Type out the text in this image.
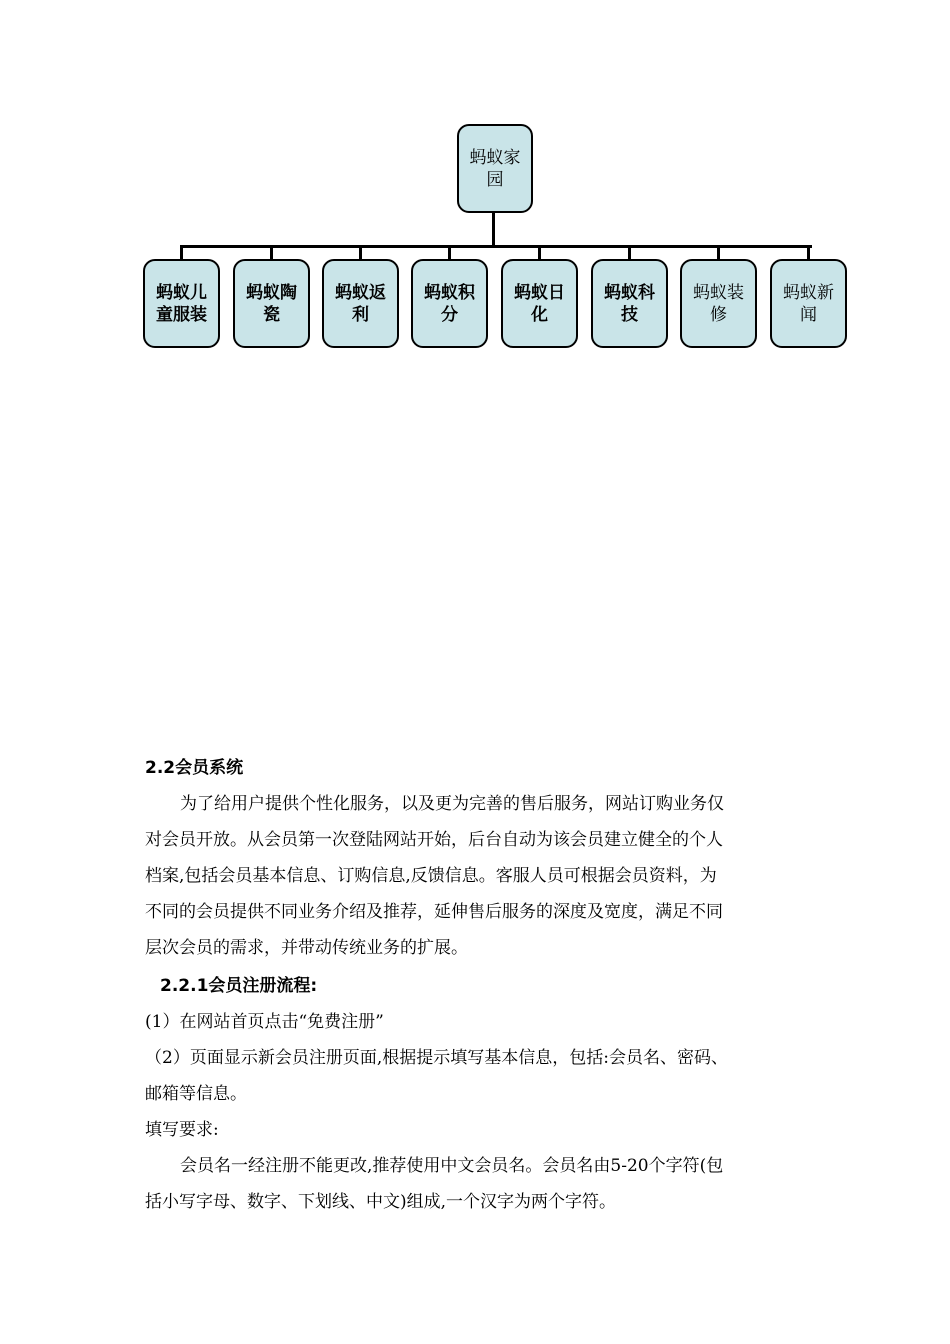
蚂蚁家园
蚂蚁儿童服装
蚂蚁陶瓷
蚂蚁返利
蚂蚁积分
蚂蚁日化
蚂蚁科技
蚂蚁装修
蚂蚁新闻
2.2会员系统
为了给用户提供个性化服务，以及更为完善的售后服务，网站订购业务仅
对会员开放。从会员第一次登陆网站开始，后台自动为该会员建立健全的个人
档案,包括会员基本信息、订购信息,反馈信息。客服人员可根据会员资料，为
不同的会员提供不同业务介绍及推荐，延伸售后服务的深度及宽度，满足不同
层次会员的需求，并带动传统业务的扩展。
2.2.1会员注册流程:
(1）在网站首页点击“免费注册”
（2）页面显示新会员注册页面,根据提示填写基本信息，包括:会员名、密码、
邮箱等信息。
填写要求:
会员名一经注册不能更改,推荐使用中文会员名。会员名由5-20个字符(包
括小写字母、数字、下划线、中文)组成,一个汉字为两个字符。
